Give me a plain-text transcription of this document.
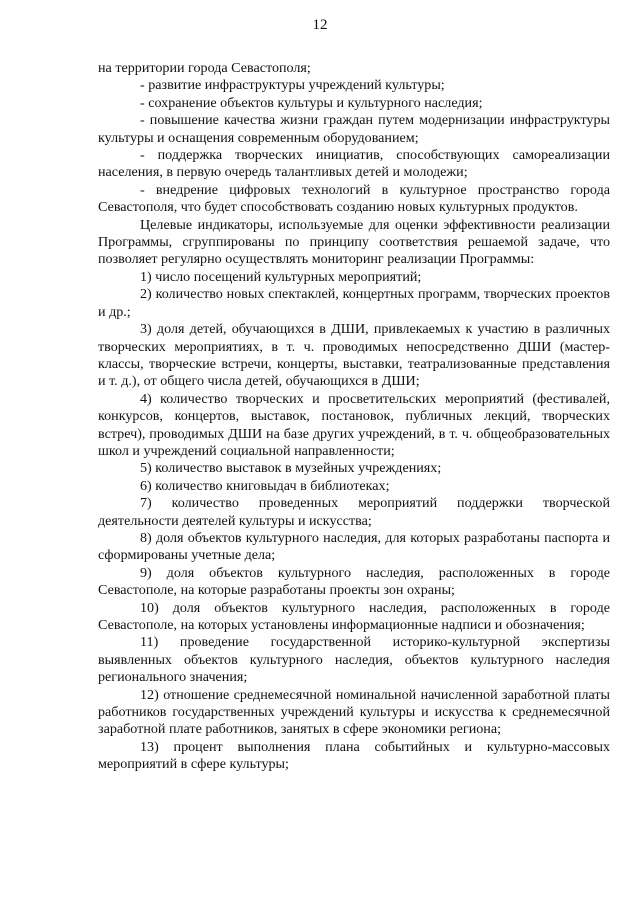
12

на территории города Севастополя;

- развитие инфраструктуры учреждений культуры;

- сохранение объектов культуры и культурного наследия;

- повышение качества жизни граждан путем модернизации инфраструктуры культуры и оснащения современным оборудованием;

- поддержка творческих инициатив, способствующих самореализации населения, в первую очередь талантливых детей и молодежи;

- внедрение цифровых технологий в культурное пространство города Севастополя, что будет способствовать созданию новых культурных продуктов.

Целевые индикаторы, используемые для оценки эффективности реализации Программы, сгруппированы по принципу соответствия решаемой задаче, что позволяет регулярно осуществлять мониторинг реализации Программы:

1) число посещений культурных мероприятий;

2) количество новых спектаклей, концертных программ, творческих проектов и др.;

3) доля детей, обучающихся в ДШИ, привлекаемых к участию в различных творческих мероприятиях, в т. ч. проводимых непосредственно ДШИ (мастер-классы, творческие встречи, концерты, выставки, театрализованные представления и т. д.), от общего числа детей, обучающихся в ДШИ;

4) количество творческих и просветительских мероприятий (фестивалей, конкурсов, концертов, выставок, постановок, публичных лекций, творческих встреч), проводимых ДШИ на базе других учреждений, в т. ч. общеобразовательных школ и учреждений социальной направленности;

5) количество выставок в музейных учреждениях;

6) количество книговыдач в библиотеках;

7) количество проведенных мероприятий поддержки творческой деятельности деятелей культуры и искусства;

8) доля объектов культурного наследия, для которых разработаны паспорта и сформированы учетные дела;

9) доля объектов культурного наследия, расположенных в городе Севастополе, на которые разработаны проекты зон охраны;

10) доля объектов культурного наследия, расположенных в городе Севастополе, на которых установлены информационные надписи и обозначения;

11) проведение государственной историко-культурной экспертизы выявленных объектов культурного наследия, объектов культурного наследия регионального значения;

12) отношение среднемесячной номинальной начисленной заработной платы работников государственных учреждений культуры и искусства к среднемесячной заработной плате работников, занятых в сфере экономики региона;

13) процент выполнения плана событийных и культурно-массовых мероприятий в сфере культуры;
